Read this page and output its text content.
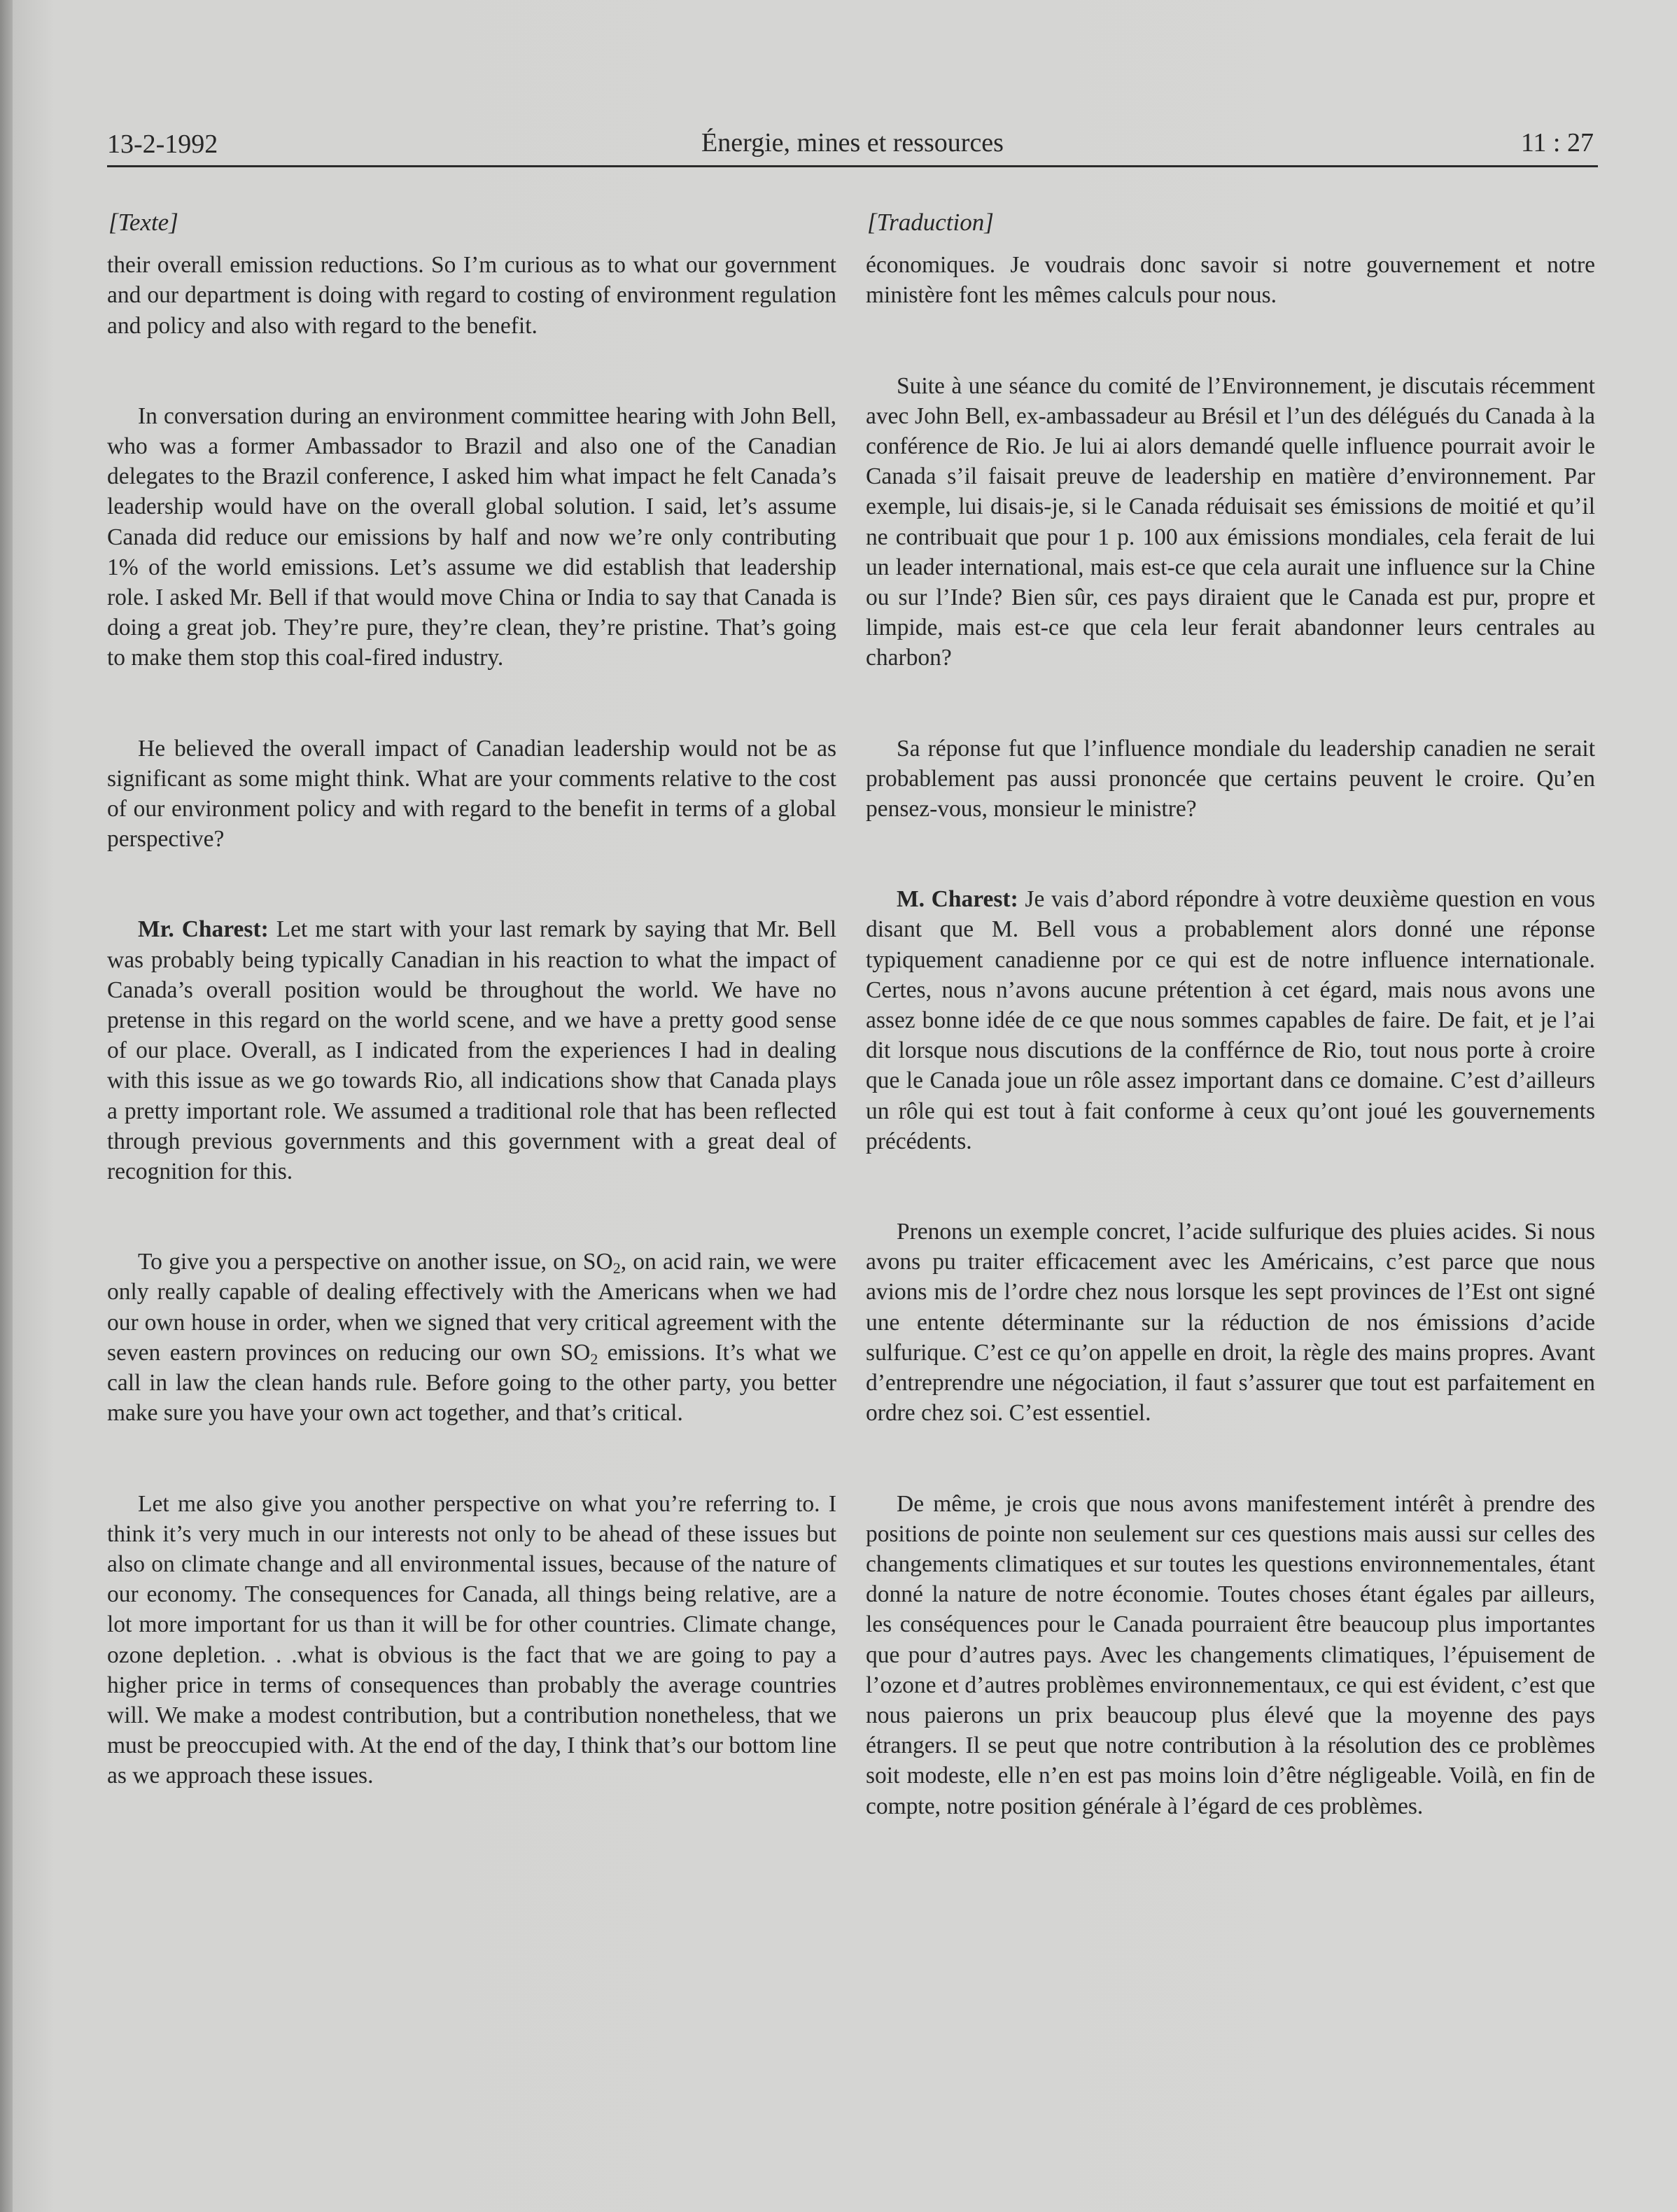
13-2-1992	Énergie, mines et ressources	11 : 27
[Texte]

their overall emission reductions. So I’m curious as to what our government and our department is doing with regard to costing of environment regulation and policy and also with regard to the benefit.

In conversation during an environment committee hearing with John Bell, who was a former Ambassador to Brazil and also one of the Canadian delegates to the Brazil conference, I asked him what impact he felt Canada’s leadership would have on the overall global solution. I said, let’s assume Canada did reduce our emissions by half and now we’re only contributing 1% of the world emissions. Let’s assume we did establish that leadership role. I asked Mr. Bell if that would move China or India to say that Canada is doing a great job. They’re pure, they’re clean, they’re pristine. That’s going to make them stop this coal-fired industry.

He believed the overall impact of Canadian leadership would not be as significant as some might think. What are your comments relative to the cost of our environment policy and with regard to the benefit in terms of a global perspective?

Mr. Charest: Let me start with your last remark by saying that Mr. Bell was probably being typically Canadian in his reaction to what the impact of Canada’s overall position would be throughout the world. We have no pretense in this regard on the world scene, and we have a pretty good sense of our place. Overall, as I indicated from the experiences I had in dealing with this issue as we go towards Rio, all indications show that Canada plays a pretty important role. We assumed a traditional role that has been reflected through previous governments and this government with a great deal of recognition for this.

To give you a perspective on another issue, on $SO_2$, on acid rain, we were only really capable of dealing effectively with the Americans when we had our own house in order, when we signed that very critical agreement with the seven eastern provinces on reducing our own $SO_2$ emissions. It’s what we call in law the clean hands rule. Before going to the other party, you better make sure you have your own act together, and that’s critical.

Let me also give you another perspective on what you’re referring to. I think it’s very much in our interests not only to be ahead of these issues but also on climate change and all environmental issues, because of the nature of our economy. The consequences for Canada, all things being relative, are a lot more important for us than it will be for other countries. Climate change, ozone depletion. . .what is obvious is the fact that we are going to pay a higher price in terms of consequences than probably the average countries will. We make a modest contribution, but a contribution nonetheless, that we must be preoccupied with. At the end of the day, I think that’s our bottom line as we approach these issues.

[Traduction]

économiques. Je voudrais donc savoir si notre gouvernement et notre ministère font les mêmes calculs pour nous.

Suite à une séance du comité de l’Environnement, je discutais récemment avec John Bell, ex-ambassadeur au Brésil et l’un des délégués du Canada à la conférence de Rio. Je lui ai alors demandé quelle influence pourrait avoir le Canada s’il faisait preuve de leadership en matière d’environnement. Par exemple, lui disais-je, si le Canada réduisait ses émissions de moitié et qu’il ne contribuait que pour 1 p. 100 aux émissions mondiales, cela ferait de lui un leader international, mais est-ce que cela aurait une influence sur la Chine ou sur l’Inde? Bien sûr, ces pays diraient que le Canada est pur, propre et limpide, mais est-ce que cela leur ferait abandonner leurs centrales au charbon?

Sa réponse fut que l’influence mondiale du leadership canadien ne serait probablement pas aussi prononcée que certains peuvent le croire. Qu’en pensez-vous, monsieur le ministre?

M. Charest: Je vais d’abord répondre à votre deuxième question en vous disant que M. Bell vous a probablement alors donné une réponse typiquement canadienne por ce qui est de notre influence internationale. Certes, nous n’avons aucune prétention à cet égard, mais nous avons une assez bonne idée de ce que nous sommes capables de faire. De fait, et je l’ai dit lorsque nous discutions de la confférnce de Rio, tout nous porte à croire que le Canada joue un rôle assez important dans ce domaine. C’est d’ailleurs un rôle qui est tout à fait conforme à ceux qu’ont joué les gouvernements précédents.

Prenons un exemple concret, l’acide sulfurique des pluies acides. Si nous avons pu traiter efficacement avec les Américains, c’est parce que nous avions mis de l’ordre chez nous lorsque les sept provinces de l’Est ont signé une entente déterminante sur la réduction de nos émissions d’acide sulfurique. C’est ce qu’on appelle en droit, la règle des mains propres. Avant d’entreprendre une négociation, il faut s’assurer que tout est parfaitement en ordre chez soi. C’est essentiel.

De même, je crois que nous avons manifestement intérêt à prendre des positions de pointe non seulement sur ces questions mais aussi sur celles des changements climatiques et sur toutes les questions environnementales, étant donné la nature de notre économie. Toutes choses étant égales par ailleurs, les conséquences pour le Canada pourraient être beaucoup plus importantes que pour d’autres pays. Avec les changements climatiques, l’épuisement de l’ozone et d’autres problèmes environnementaux, ce qui est évident, c’est que nous paierons un prix beaucoup plus élevé que la moyenne des pays étrangers. Il se peut que notre contribution à la résolution des ce problèmes soit modeste, elle n’en est pas moins loin d’être négligeable. Voilà, en fin de compte, notre position générale à l’égard de ces problèmes.
